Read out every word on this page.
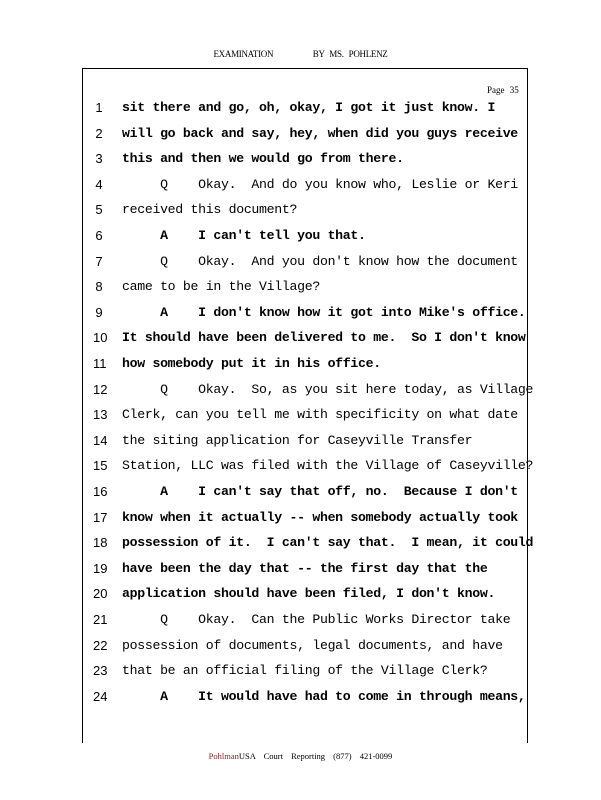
EXAMINATION	BY MS. POHLENZ
Page 35
1 sit there and go, oh, okay, I got it just know. I
2 will go back and say, hey, when did you guys receive
3 this and then we would go from there.
4 Q    Okay.  And do you know who, Leslie or Keri
5 received this document?
6 A    I can't tell you that.
7 Q    Okay.  And you don't know how the document
8 came to be in the Village?
9 A    I don't know how it got into Mike's office.
10 It should have been delivered to me.  So I don't know
11 how somebody put it in his office.
12 Q    Okay.  So, as you sit here today, as Village
13 Clerk, can you tell me with specificity on what date
14 the siting application for Caseyville Transfer
15 Station, LLC was filed with the Village of Caseyville?
16 A    I can't say that off, no.  Because I don't
17 know when it actually -- when somebody actually took
18 possession of it.  I can't say that.  I mean, it could
19 have been the day that -- the first day that the
20 application should have been filed, I don't know.
21 Q    Okay.  Can the Public Works Director take
22 possession of documents, legal documents, and have
23 that be an official filing of the Village Clerk?
24 A    It would have had to come in through means,
PohlmanUSA Court Reporting (877) 421-0099
